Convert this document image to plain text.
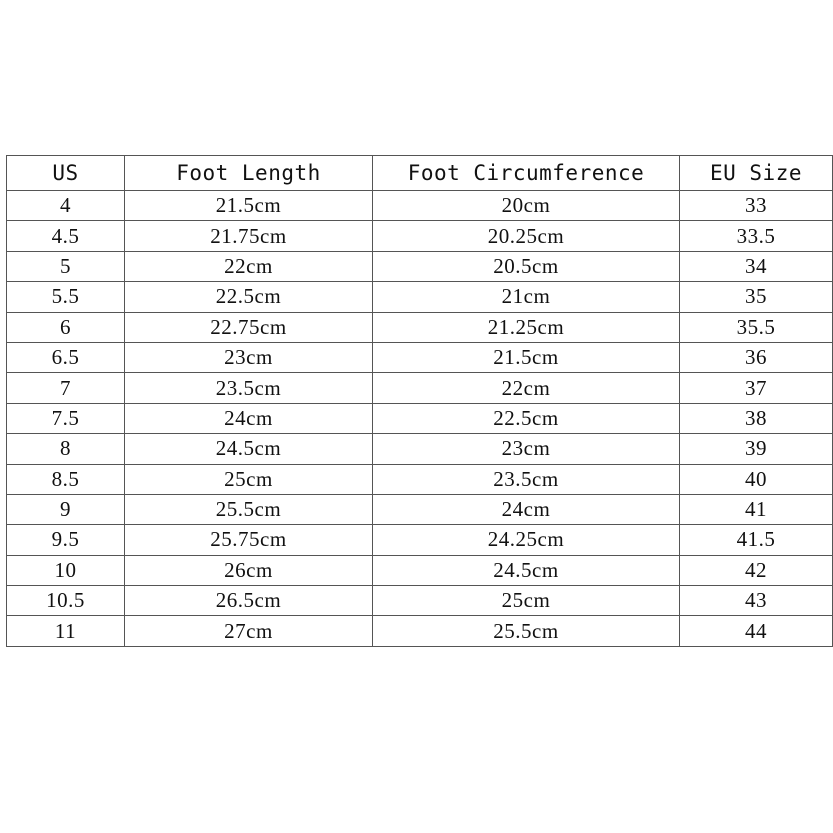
US	Foot Length	Foot Circumference	EU Size
4	21.5cm	20cm	33
4.5	21.75cm	20.25cm	33.5
5	22cm	20.5cm	34
5.5	22.5cm	21cm	35
6	22.75cm	21.25cm	35.5
6.5	23cm	21.5cm	36
7	23.5cm	22cm	37
7.5	24cm	22.5cm	38
8	24.5cm	23cm	39
8.5	25cm	23.5cm	40
9	25.5cm	24cm	41
9.5	25.75cm	24.25cm	41.5
10	26cm	24.5cm	42
10.5	26.5cm	25cm	43
11	27cm	25.5cm	44
